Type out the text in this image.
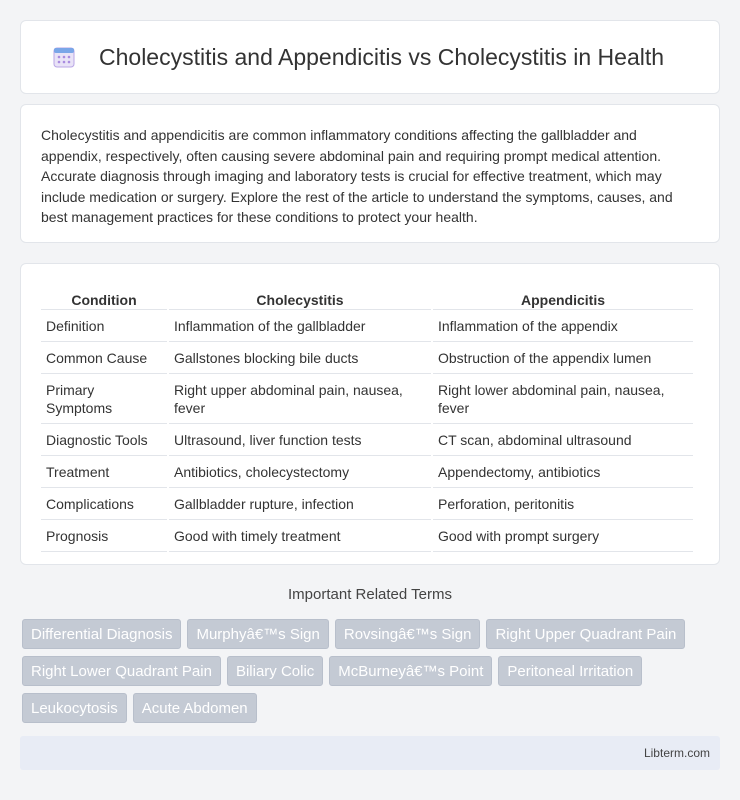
Cholecystitis and Appendicitis vs Cholecystitis in Health

Cholecystitis and appendicitis are common inflammatory conditions affecting the gallbladder and appendix, respectively, often causing severe abdominal pain and requiring prompt medical attention. Accurate diagnosis through imaging and laboratory tests is crucial for effective treatment, which may include medication or surgery. Explore the rest of the article to understand the symptoms, causes, and best management practices for these conditions to protect your health.

Condition	Cholecystitis	Appendicitis
Definition	Inflammation of the gallbladder	Inflammation of the appendix
Common Cause	Gallstones blocking bile ducts	Obstruction of the appendix lumen
Primary Symptoms	Right upper abdominal pain, nausea, fever	Right lower abdominal pain, nausea, fever
Diagnostic Tools	Ultrasound, liver function tests	CT scan, abdominal ultrasound
Treatment	Antibiotics, cholecystectomy	Appendectomy, antibiotics
Complications	Gallbladder rupture, infection	Perforation, peritonitis
Prognosis	Good with timely treatment	Good with prompt surgery
Important Related Terms
Differential Diagnosis	Murphyâ€™s Sign	Rovsingâ€™s Sign	Right Upper Quadrant Pain
Right Lower Quadrant Pain	Biliary Colic	McBurneyâ€™s Point	Peritoneal Irritation
Leukocytosis	Acute Abdomen
Libterm.com
